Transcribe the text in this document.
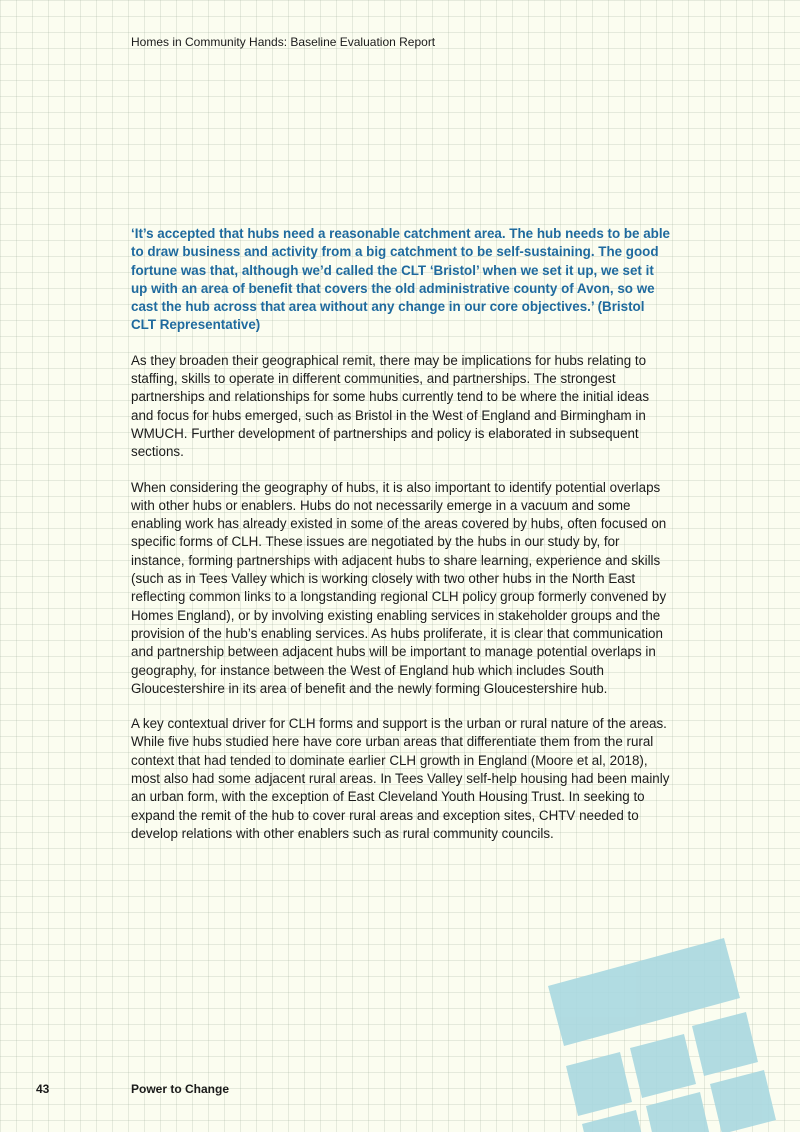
Homes in Community Hands: Baseline Evaluation Report

‘It’s accepted that hubs need a reasonable catchment area. The hub needs to be able to draw business and activity from a big catchment to be self-sustaining. The good fortune was that, although we’d called the CLT ‘Bristol’ when we set it up, we set it up with an area of benefit that covers the old administrative county of Avon, so we cast the hub across that area without any change in our core objectives.’ (Bristol CLT Representative)

As they broaden their geographical remit, there may be implications for hubs relating to staffing, skills to operate in different communities, and partnerships. The strongest partnerships and relationships for some hubs currently tend to be where the initial ideas and focus for hubs emerged, such as Bristol in the West of England and Birmingham in WMUCH. Further development of partnerships and policy is elaborated in subsequent sections.

When considering the geography of hubs, it is also important to identify potential overlaps with other hubs or enablers. Hubs do not necessarily emerge in a vacuum and some enabling work has already existed in some of the areas covered by hubs, often focused on specific forms of CLH. These issues are negotiated by the hubs in our study by, for instance, forming partnerships with adjacent hubs to share learning, experience and skills (such as in Tees Valley which is working closely with two other hubs in the North East reflecting common links to a longstanding regional CLH policy group formerly convened by Homes England), or by involving existing enabling services in stakeholder groups and the provision of the hub’s enabling services. As hubs proliferate, it is clear that communication and partnership between adjacent hubs will be important to manage potential overlaps in geography, for instance between the West of England hub which includes South Gloucestershire in its area of benefit and the newly forming Gloucestershire hub.

A key contextual driver for CLH forms and support is the urban or rural nature of the areas. While five hubs studied here have core urban areas that differentiate them from the rural context that had tended to dominate earlier CLH growth in England (Moore et al, 2018), most also had some adjacent rural areas. In Tees Valley self-help housing had been mainly an urban form, with the exception of East Cleveland Youth Housing Trust. In seeking to expand the remit of the hub to cover rural areas and exception sites, CHTV needed to develop relations with other enablers such as rural community councils.

43	Power to Change
